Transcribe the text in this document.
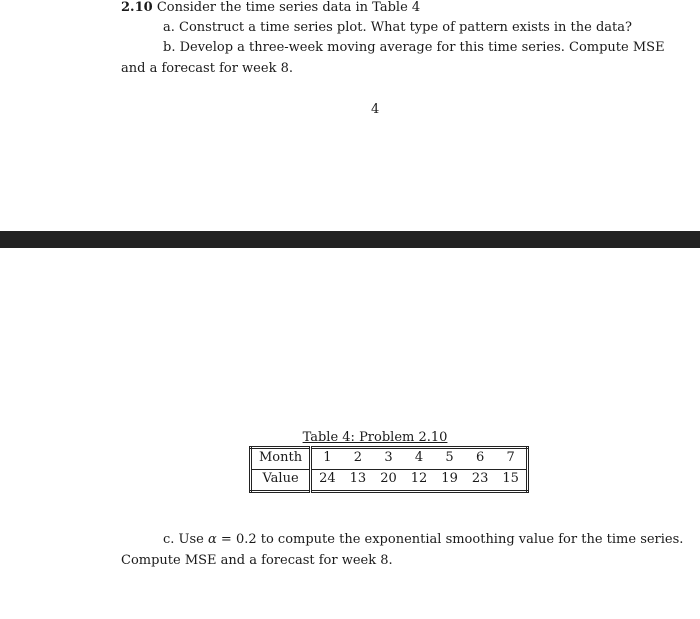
2.10 Consider the time series data in Table 4
a. Construct a time series plot. What type of pattern exists in the data?
b. Develop a three-week moving average for this time series. Compute MSE
and a forecast for week 8.
4
Table 4: Problem 2.10
Month	1	2	3	4	5	6	7
Value	24	13	20	12	19	23	15
c. Use α = 0.2 to compute the exponential smoothing value for the time series.
Compute MSE and a forecast for week 8.
